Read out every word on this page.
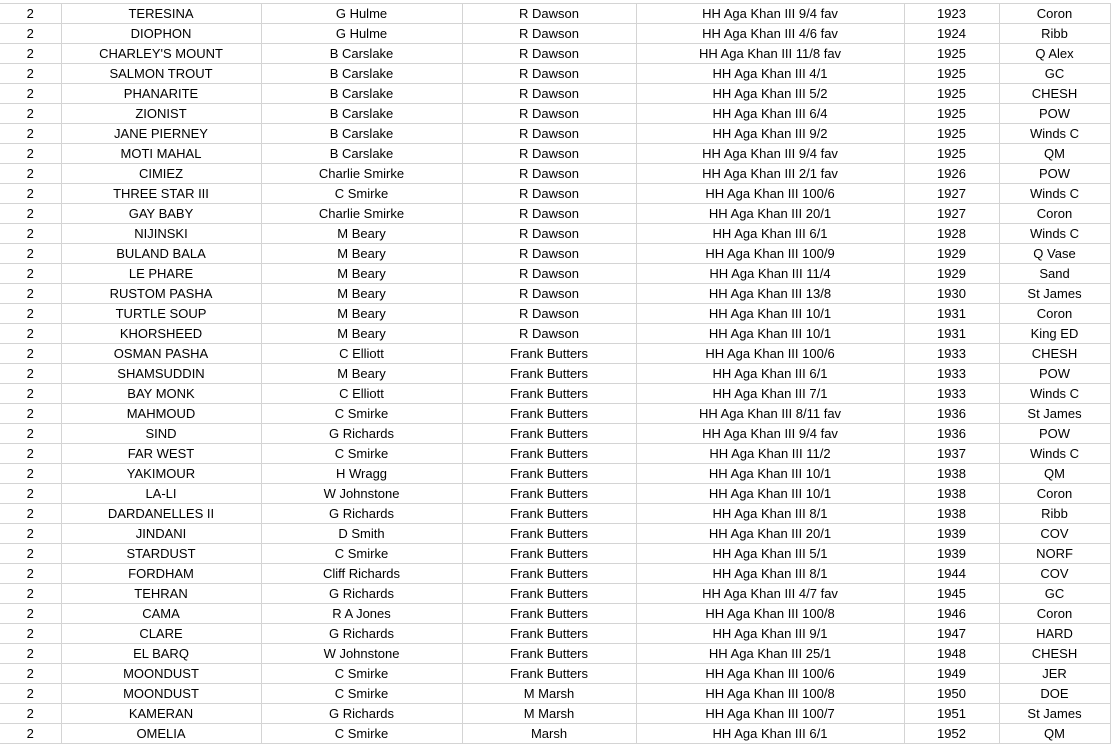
2	TERESINA	G Hulme	R Dawson	HH Aga Khan III 9/4 fav	1923	Coron
2	DIOPHON	G Hulme	R Dawson	HH Aga Khan III 4/6 fav	1924	Ribb
2	CHARLEY'S MOUNT	B Carslake	R Dawson	HH Aga Khan III 11/8 fav	1925	Q Alex
2	SALMON TROUT	B Carslake	R Dawson	HH Aga Khan III 4/1	1925	GC
2	PHANARITE	B Carslake	R Dawson	HH Aga Khan III 5/2	1925	CHESH
2	ZIONIST	B Carslake	R Dawson	HH Aga Khan III 6/4	1925	POW
2	JANE PIERNEY	B Carslake	R Dawson	HH Aga Khan III 9/2	1925	Winds C
2	MOTI MAHAL	B Carslake	R Dawson	HH Aga Khan III 9/4 fav	1925	QM
2	CIMIEZ	Charlie Smirke	R Dawson	HH Aga Khan III 2/1 fav	1926	POW
2	THREE STAR III	C Smirke	R Dawson	HH Aga Khan III 100/6	1927	Winds C
2	GAY BABY	Charlie Smirke	R Dawson	HH Aga Khan III 20/1	1927	Coron
2	NIJINSKI	M Beary	R Dawson	HH Aga Khan III 6/1	1928	Winds C
2	BULAND BALA	M Beary	R Dawson	HH Aga Khan III 100/9	1929	Q Vase
2	LE PHARE	M Beary	R Dawson	HH Aga Khan III 11/4	1929	Sand
2	RUSTOM PASHA	M Beary	R Dawson	HH Aga Khan III 13/8	1930	St James
2	TURTLE SOUP	M Beary	R Dawson	HH Aga Khan III 10/1	1931	Coron
2	KHORSHEED	M Beary	R Dawson	HH Aga Khan III 10/1	1931	King ED
2	OSMAN PASHA	C Elliott	Frank Butters	HH Aga Khan III 100/6	1933	CHESH
2	SHAMSUDDIN	M Beary	Frank Butters	HH Aga Khan III 6/1	1933	POW
2	BAY MONK	C Elliott	Frank Butters	HH Aga Khan III 7/1	1933	Winds C
2	MAHMOUD	C Smirke	Frank Butters	HH Aga Khan III 8/11 fav	1936	St James
2	SIND	G Richards	Frank Butters	HH Aga Khan III 9/4 fav	1936	POW
2	FAR WEST	C Smirke	Frank Butters	HH Aga Khan III 11/2	1937	Winds C
2	YAKIMOUR	H Wragg	Frank Butters	HH Aga Khan III 10/1	1938	QM
2	LA-LI	W Johnstone	Frank Butters	HH Aga Khan III 10/1	1938	Coron
2	DARDANELLES II	G Richards	Frank Butters	HH Aga Khan III 8/1	1938	Ribb
2	JINDANI	D Smith	Frank Butters	HH Aga Khan III 20/1	1939	COV
2	STARDUST	C Smirke	Frank Butters	HH Aga Khan III 5/1	1939	NORF
2	FORDHAM	Cliff Richards	Frank Butters	HH Aga Khan III 8/1	1944	COV
2	TEHRAN	G Richards	Frank Butters	HH Aga Khan III 4/7 fav	1945	GC
2	CAMA	R A Jones	Frank Butters	HH Aga Khan III 100/8	1946	Coron
2	CLARE	G Richards	Frank Butters	HH Aga Khan III 9/1	1947	HARD
2	EL BARQ	W Johnstone	Frank Butters	HH Aga Khan III 25/1	1948	CHESH
2	MOONDUST	C Smirke	Frank Butters	HH Aga Khan III 100/6	1949	JER
2	MOONDUST	C Smirke	M Marsh	HH Aga Khan III 100/8	1950	DOE
2	KAMERAN	G Richards	M Marsh	HH Aga Khan III 100/7	1951	St James
2	OMELIA	C Smirke	Marsh	HH Aga Khan III 6/1	1952	QM
